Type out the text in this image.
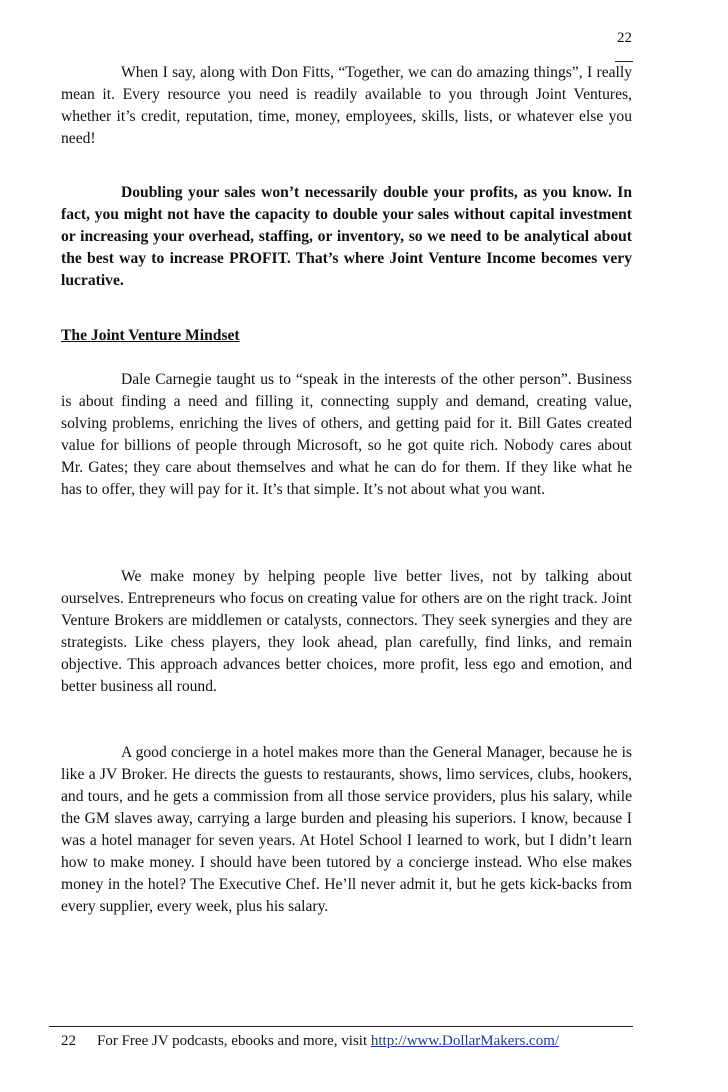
22

When I say, along with Don Fitts, “Together, we can do amazing things”, I really mean it. Every resource you need is readily available to you through Joint Ventures, whether it’s credit, reputation, time, money, employees, skills, lists, or whatever else you need!

Doubling your sales won’t necessarily double your profits, as you know. In fact, you might not have the capacity to double your sales without capital investment or increasing your overhead, staffing, or inventory, so we need to be analytical about the best way to increase PROFIT. That’s where Joint Venture Income becomes very lucrative.

The Joint Venture Mindset

Dale Carnegie taught us to “speak in the interests of the other person”. Business is about finding a need and filling it, connecting supply and demand, creating value, solving problems, enriching the lives of others, and getting paid for it. Bill Gates created value for billions of people through Microsoft, so he got quite rich. Nobody cares about Mr. Gates; they care about themselves and what he can do for them. If they like what he has to offer, they will pay for it. It’s that simple. It’s not about what you want.

We make money by helping people live better lives, not by talking about ourselves. Entrepreneurs who focus on creating value for others are on the right track. Joint Venture Brokers are middlemen or catalysts, connectors. They seek synergies and they are strategists. Like chess players, they look ahead, plan carefully, find links, and remain objective. This approach advances better choices, more profit, less ego and emotion, and better business all round.

A good concierge in a hotel makes more than the General Manager, because he is like a JV Broker. He directs the guests to restaurants, shows, limo services, clubs, hookers, and tours, and he gets a commission from all those service providers, plus his salary, while the GM slaves away, carrying a large burden and pleasing his superiors. I know, because I was a hotel manager for seven years. At Hotel School I learned to work, but I didn’t learn how to make money. I should have been tutored by a concierge instead. Who else makes money in the hotel? The Executive Chef. He’ll never admit it, but he gets kick-backs from every supplier, every week, plus his salary.

22 For Free JV podcasts, ebooks and more, visit http://www.DollarMakers.com/
